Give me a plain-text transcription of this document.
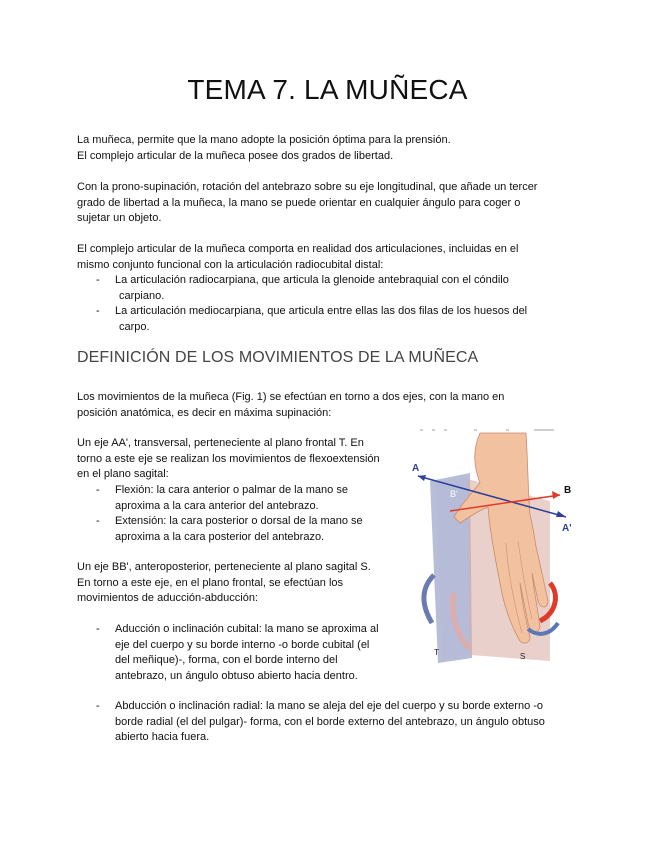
TEMA 7. LA MUÑECA

La muñeca, permite que la mano adopte la posición óptima para la prensión.

El complejo articular de la muñeca posee dos grados de libertad.

Con la prono-supinación, rotación del antebrazo sobre su eje longitudinal, que añade un tercer

grado de libertad a la muñeca, la mano se puede orientar en cualquier ángulo para coger o

sujetar un objeto.

El complejo articular de la muñeca comporta en realidad dos articulaciones, incluidas en el

mismo conjunto funcional con la articulación radiocubital distal:

- La articulación radiocarpiana, que articula la glenoide antebraquial con el cóndilo
carpiano.
- La articulación mediocarpiana, que articula entre ellas las dos filas de los huesos del
carpo.
DEFINICIÓN DE LOS MOVIMIENTOS DE LA MUÑECA

Los movimientos de la muñeca (Fig. 1) se efectúan en torno a dos ejes, con la mano en

posición anatómica, es decir en máxima supinación:

Un eje AA', transversal, perteneciente al plano frontal T. En

torno a este eje se realizan los movimientos de flexoextensión

en el plano sagital:

- Flexión: la cara anterior o palmar de la mano se
aproxima a la cara anterior del antebrazo.
- Extensión: la cara posterior o dorsal de la mano se
aproxima a la cara posterior del antebrazo.

Un eje BB', anteroposterior, perteneciente al plano sagital S.

En torno a este eje, en el plano frontal, se efectúan los

movimientos de aducción-abducción:

- Aducción o inclinación cubital: la mano se aproxima al
eje del cuerpo y su borde interno -o borde cubital (el
del meñique)-, forma, con el borde interno del
antebrazo, un ángulo obtuso abierto hacia dentro.
- Abducción o inclinación radial: la mano se aleja del eje del cuerpo y su borde externo -o
borde radial (el del pulgar)- forma, con el borde externo del antebrazo, un ángulo obtuso
abierto hacia fuera.
A
B
A'
B'
T	S
